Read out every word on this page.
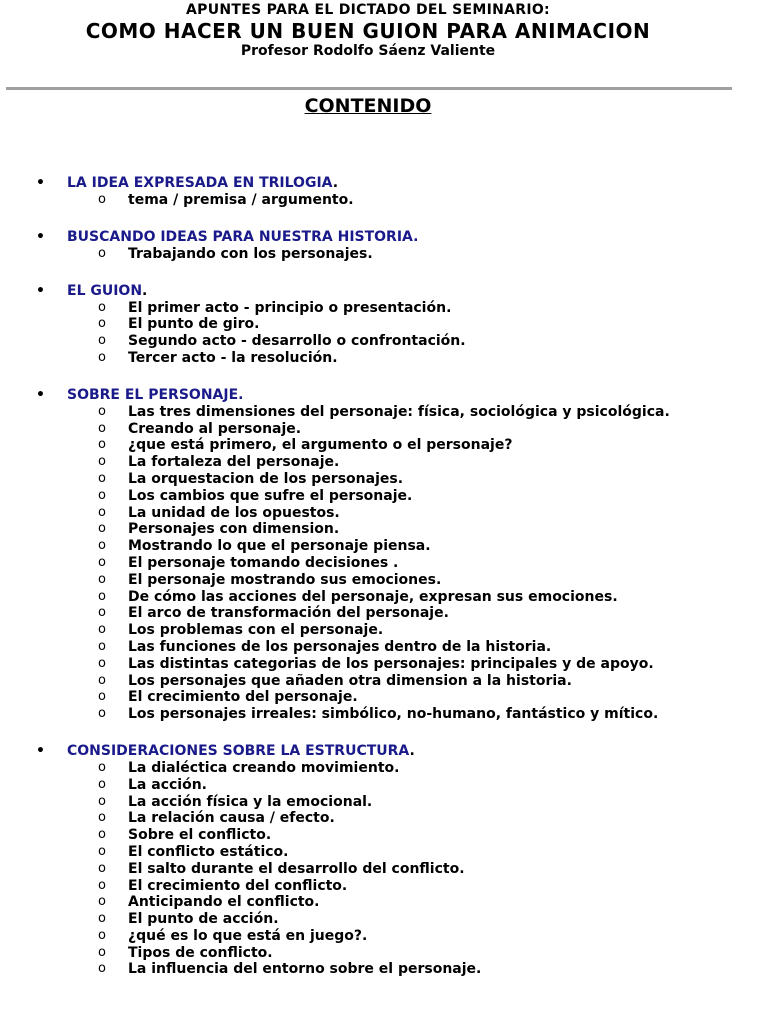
APUNTES PARA EL DICTADO DEL SEMINARIO:
COMO HACER UN BUEN GUION PARA ANIMACION
Profesor Rodolfo Sáenz Valiente
CONTENIDO
• LA IDEA EXPRESADA EN TRILOGIA.
o tema / premisa / argumento.
• BUSCANDO IDEAS PARA NUESTRA HISTORIA.
o Trabajando con los personajes.
• EL GUION.
o El primer acto - principio o presentación.
o El punto de giro.
o Segundo acto - desarrollo o confrontación.
o Tercer acto - la resolución.
• SOBRE EL PERSONAJE.
o Las tres dimensiones del personaje: física, sociológica y psicológica.
o Creando al personaje.
o ¿que está primero, el argumento o el personaje?
o La fortaleza del personaje.
o La orquestacion de los personajes.
o Los cambios que sufre el personaje.
o La unidad de los opuestos.
o Personajes con dimension.
o Mostrando lo que el personaje piensa.
o El personaje tomando decisiones .
o El personaje mostrando sus emociones.
o De cómo las acciones del personaje, expresan sus emociones.
o El arco de transformación del personaje.
o Los problemas con el personaje.
o Las funciones de los personajes dentro de la historia.
o Las distintas categorias de los personajes: principales y de apoyo.
o Los personajes que añaden otra dimension a la historia.
o El crecimiento del personaje.
o Los personajes irreales: simbólico, no-humano, fantástico y mítico.
• CONSIDERACIONES SOBRE LA ESTRUCTURA.
o La dialéctica creando movimiento.
o La acción.
o La acción física y la emocional.
o La relación causa / efecto.
o Sobre el conflicto.
o El conflicto estático.
o El salto durante el desarrollo del conflicto.
o El crecimiento del conflicto.
o Anticipando el conflicto.
o El punto de acción.
o ¿qué es lo que está en juego?.
o Tipos de conflicto.
o La influencia del entorno sobre el personaje.
